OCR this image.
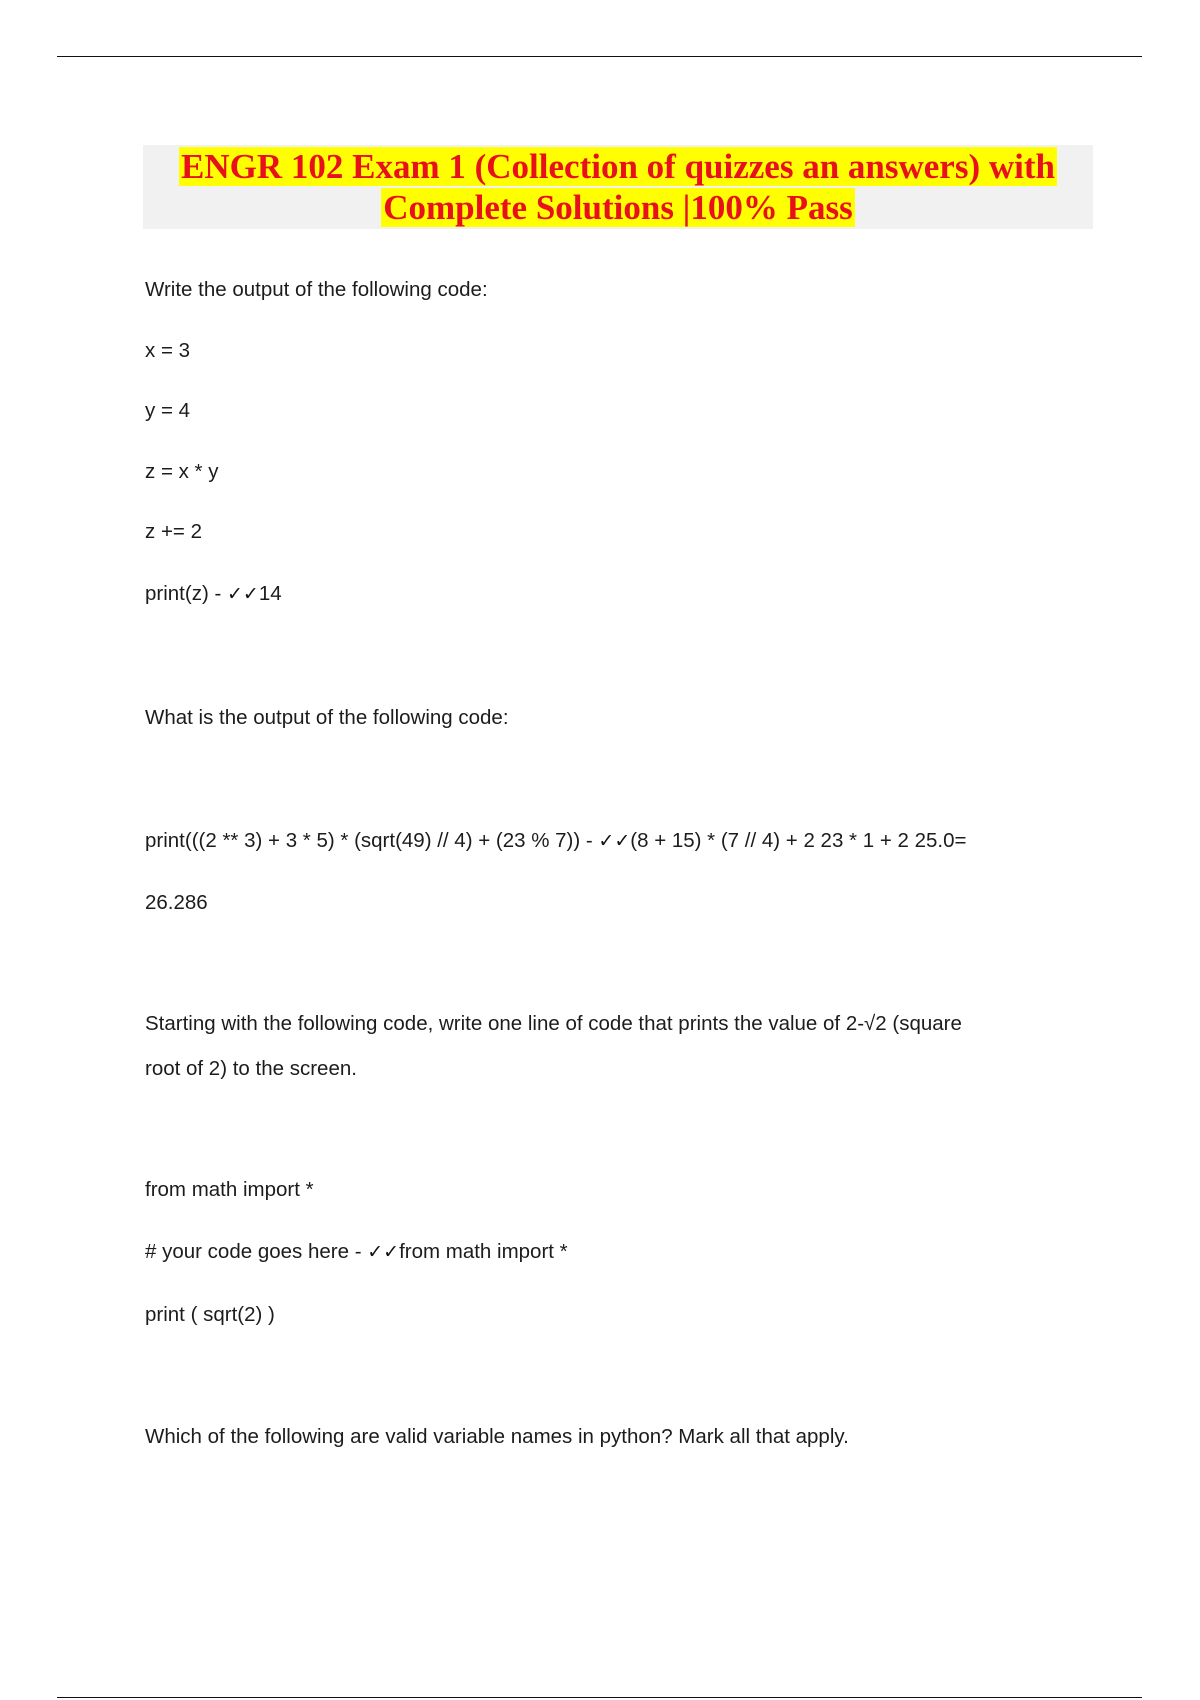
ENGR 102 Exam 1 (Collection of quizzes an answers) with
Complete Solutions |100% Pass
Write the output of the following code:
x = 3
y = 4
z = x * y
z += 2
print(z) - ✓✓14
What is the output of the following code:
print(((2 ** 3) + 3 * 5) * (sqrt(49) // 4) + (23 % 7)) - ✓✓(8 + 15) * (7 // 4) + 2 23 * 1 + 2 25.0=
26.286
Starting with the following code, write one line of code that prints the value of 2-√2 (square
root of 2) to the screen.
from math import *
# your code goes here - ✓✓from math import *
print ( sqrt(2) )
Which of the following are valid variable names in python? Mark all that apply.
